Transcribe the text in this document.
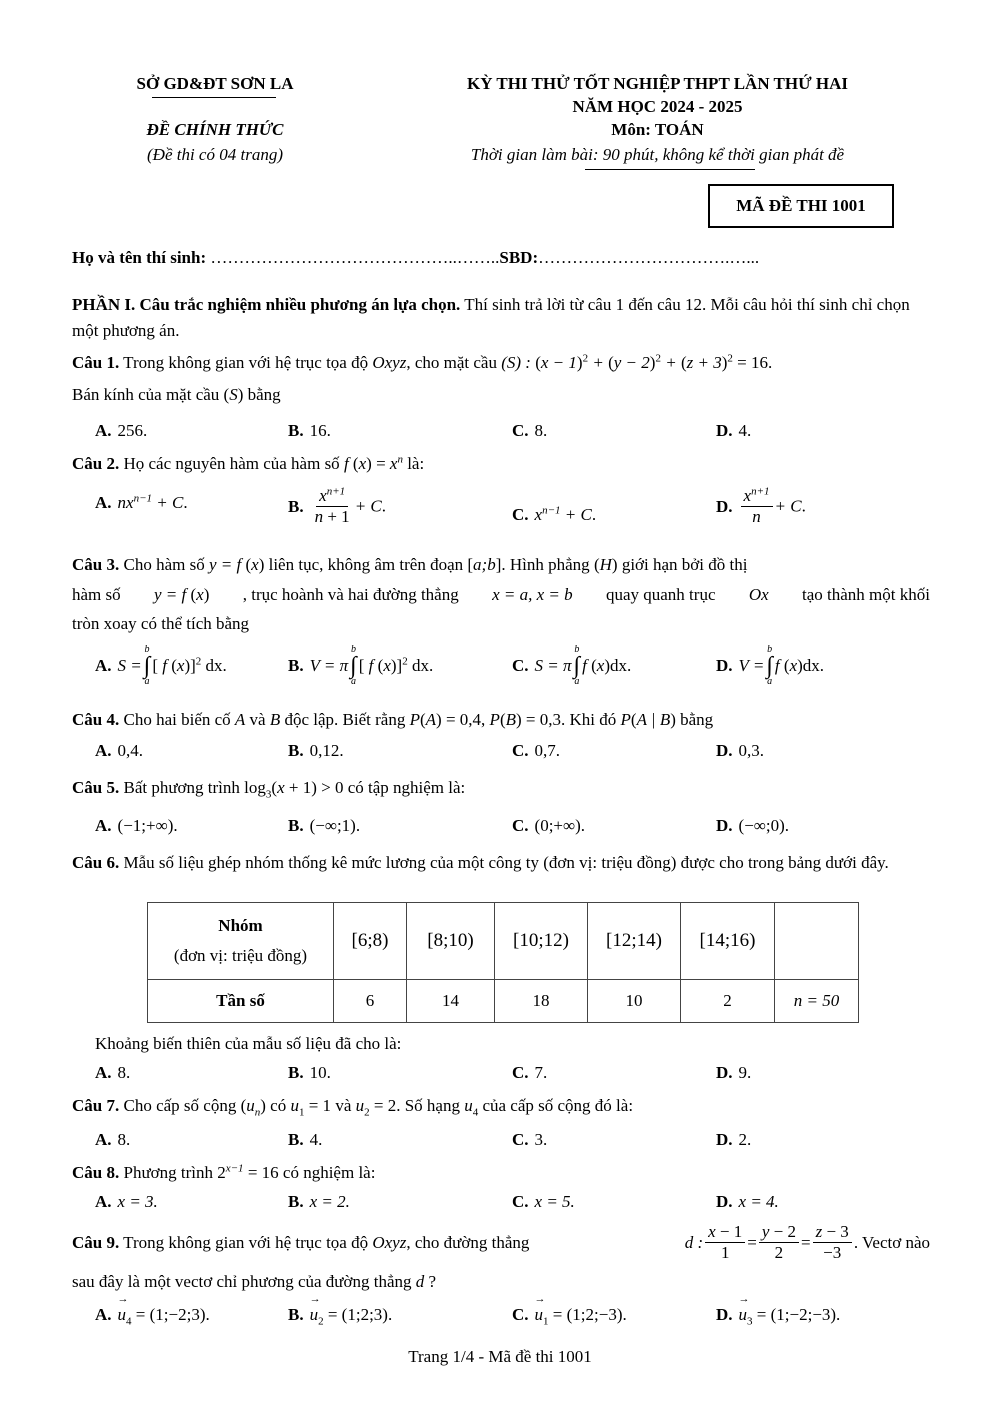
SỞ GD&ĐT SƠN LA
ĐỀ CHÍNH THỨC
(Đề thi có 04 trang)
KỲ THI THỬ TỐT NGHIỆP THPT LẦN THỨ HAI
NĂM HỌC 2024 - 2025
Môn: TOÁN
Thời gian làm bài: 90 phút, không kể thời gian phát đề
MÃ ĐỀ THI 1001
Họ và tên thí sinh: ……………………………………..……..SBD:…………………………….…...
PHẦN I. Câu trắc nghiệm nhiều phương án lựa chọn. Thí sinh trả lời từ câu 1 đến câu 12. Mỗi câu hỏi thí sinh chỉ chọn một phương án.
Câu 1. Trong không gian với hệ trục tọa độ Oxyz, cho mặt cầu (S) : $(x - 1)^2 + (y - 2)^2 + (z + 3)^2 = 16$.
Bán kính của mặt cầu (S) bằng
A. 256.	B. 16.	C. 8.	D. 4.
Câu 2. Họ các nguyên hàm của hàm số f $(x) = x^n$ là:
A. $nx^{n-1} + C$.	B. $\frac{x^{n+1}}{n + 1} + C$.	C. $x^{n-1} + C$.	D. $\frac{x^{n+1}}{n} + C$.
Câu 3. Cho hàm số y = f (x) liên tục, không âm trên đoạn [a;b]. Hình phẳng (H) giới hạn bởi đồ thị
hàm số y = f (x) , trục hoành và hai đường thẳng x = a, x = b quay quanh trục Ox tạo thành một khối
tròn xoay có thể tích bằng
A. S =
b
∫
a
[ f (x)]$^2$ dx.	B. V = π
b
∫
a
[ f (x)]$^2$ dx.	C. S = π
b
∫
a
f (x)dx.	D. V =
b
∫
a
f (x)dx.
Câu 4. Cho hai biến cố A và B độc lập. Biết rằng P(A) = 0,4, P(B) = 0,3. Khi đó P(A | B) bằng
A. 0,4.	B. 0,12.	C. 0,7.	D. 0,3.
Câu 5. Bất phương trình $\log_3(x + 1) > 0$ có tập nghiệm là:
A. (−1;+∞).	B. (−∞;1).	C. (0;+∞).	D. (−∞;0).
Câu 6. Mẫu số liệu ghép nhóm thống kê mức lương của một công ty (đơn vị: triệu đồng) được cho trong bảng dưới đây.
Nhóm
(đơn vị: triệu đồng)	[6;8)	[8;10)	[10;12)	[12;14)	[14;16)	
Tần số	6	14	18	10	2	n = 50
Khoảng biến thiên của mẫu số liệu đã cho là:
A. 8.	B. 10.	C. 7.	D. 9.
Câu 7. Cho cấp số cộng $(u_n)$ có $u_1 = 1$ và $u_2 = 2$. Số hạng $u_4$ của cấp số cộng đó là:
A. 8.	B. 4.	C. 3.	D. 2.
Câu 8. Phương trình $2^{x-1} = 16$ có nghiệm là:
A. x = 3.	B. x = 2.	C. x = 5.	D. x = 4.
Câu 9. Trong không gian với hệ trục tọa độ Oxyz, cho đường thẳng	d : $\frac{x - 1}{1} = \frac{y - 2}{2} = \frac{z - 3}{-3}$ . Vectơ nào
sau đây là một vectơ chỉ phương của đường thẳng d ?
A. → $u_4$ = (1;−2;3).	B. → $u_2$ = (1;2;3).	C. → $u_1$ = (1;2;−3).	D. → $u_3$ = (1;−2;−3).
Trang 1/4 - Mã đề thi 1001
